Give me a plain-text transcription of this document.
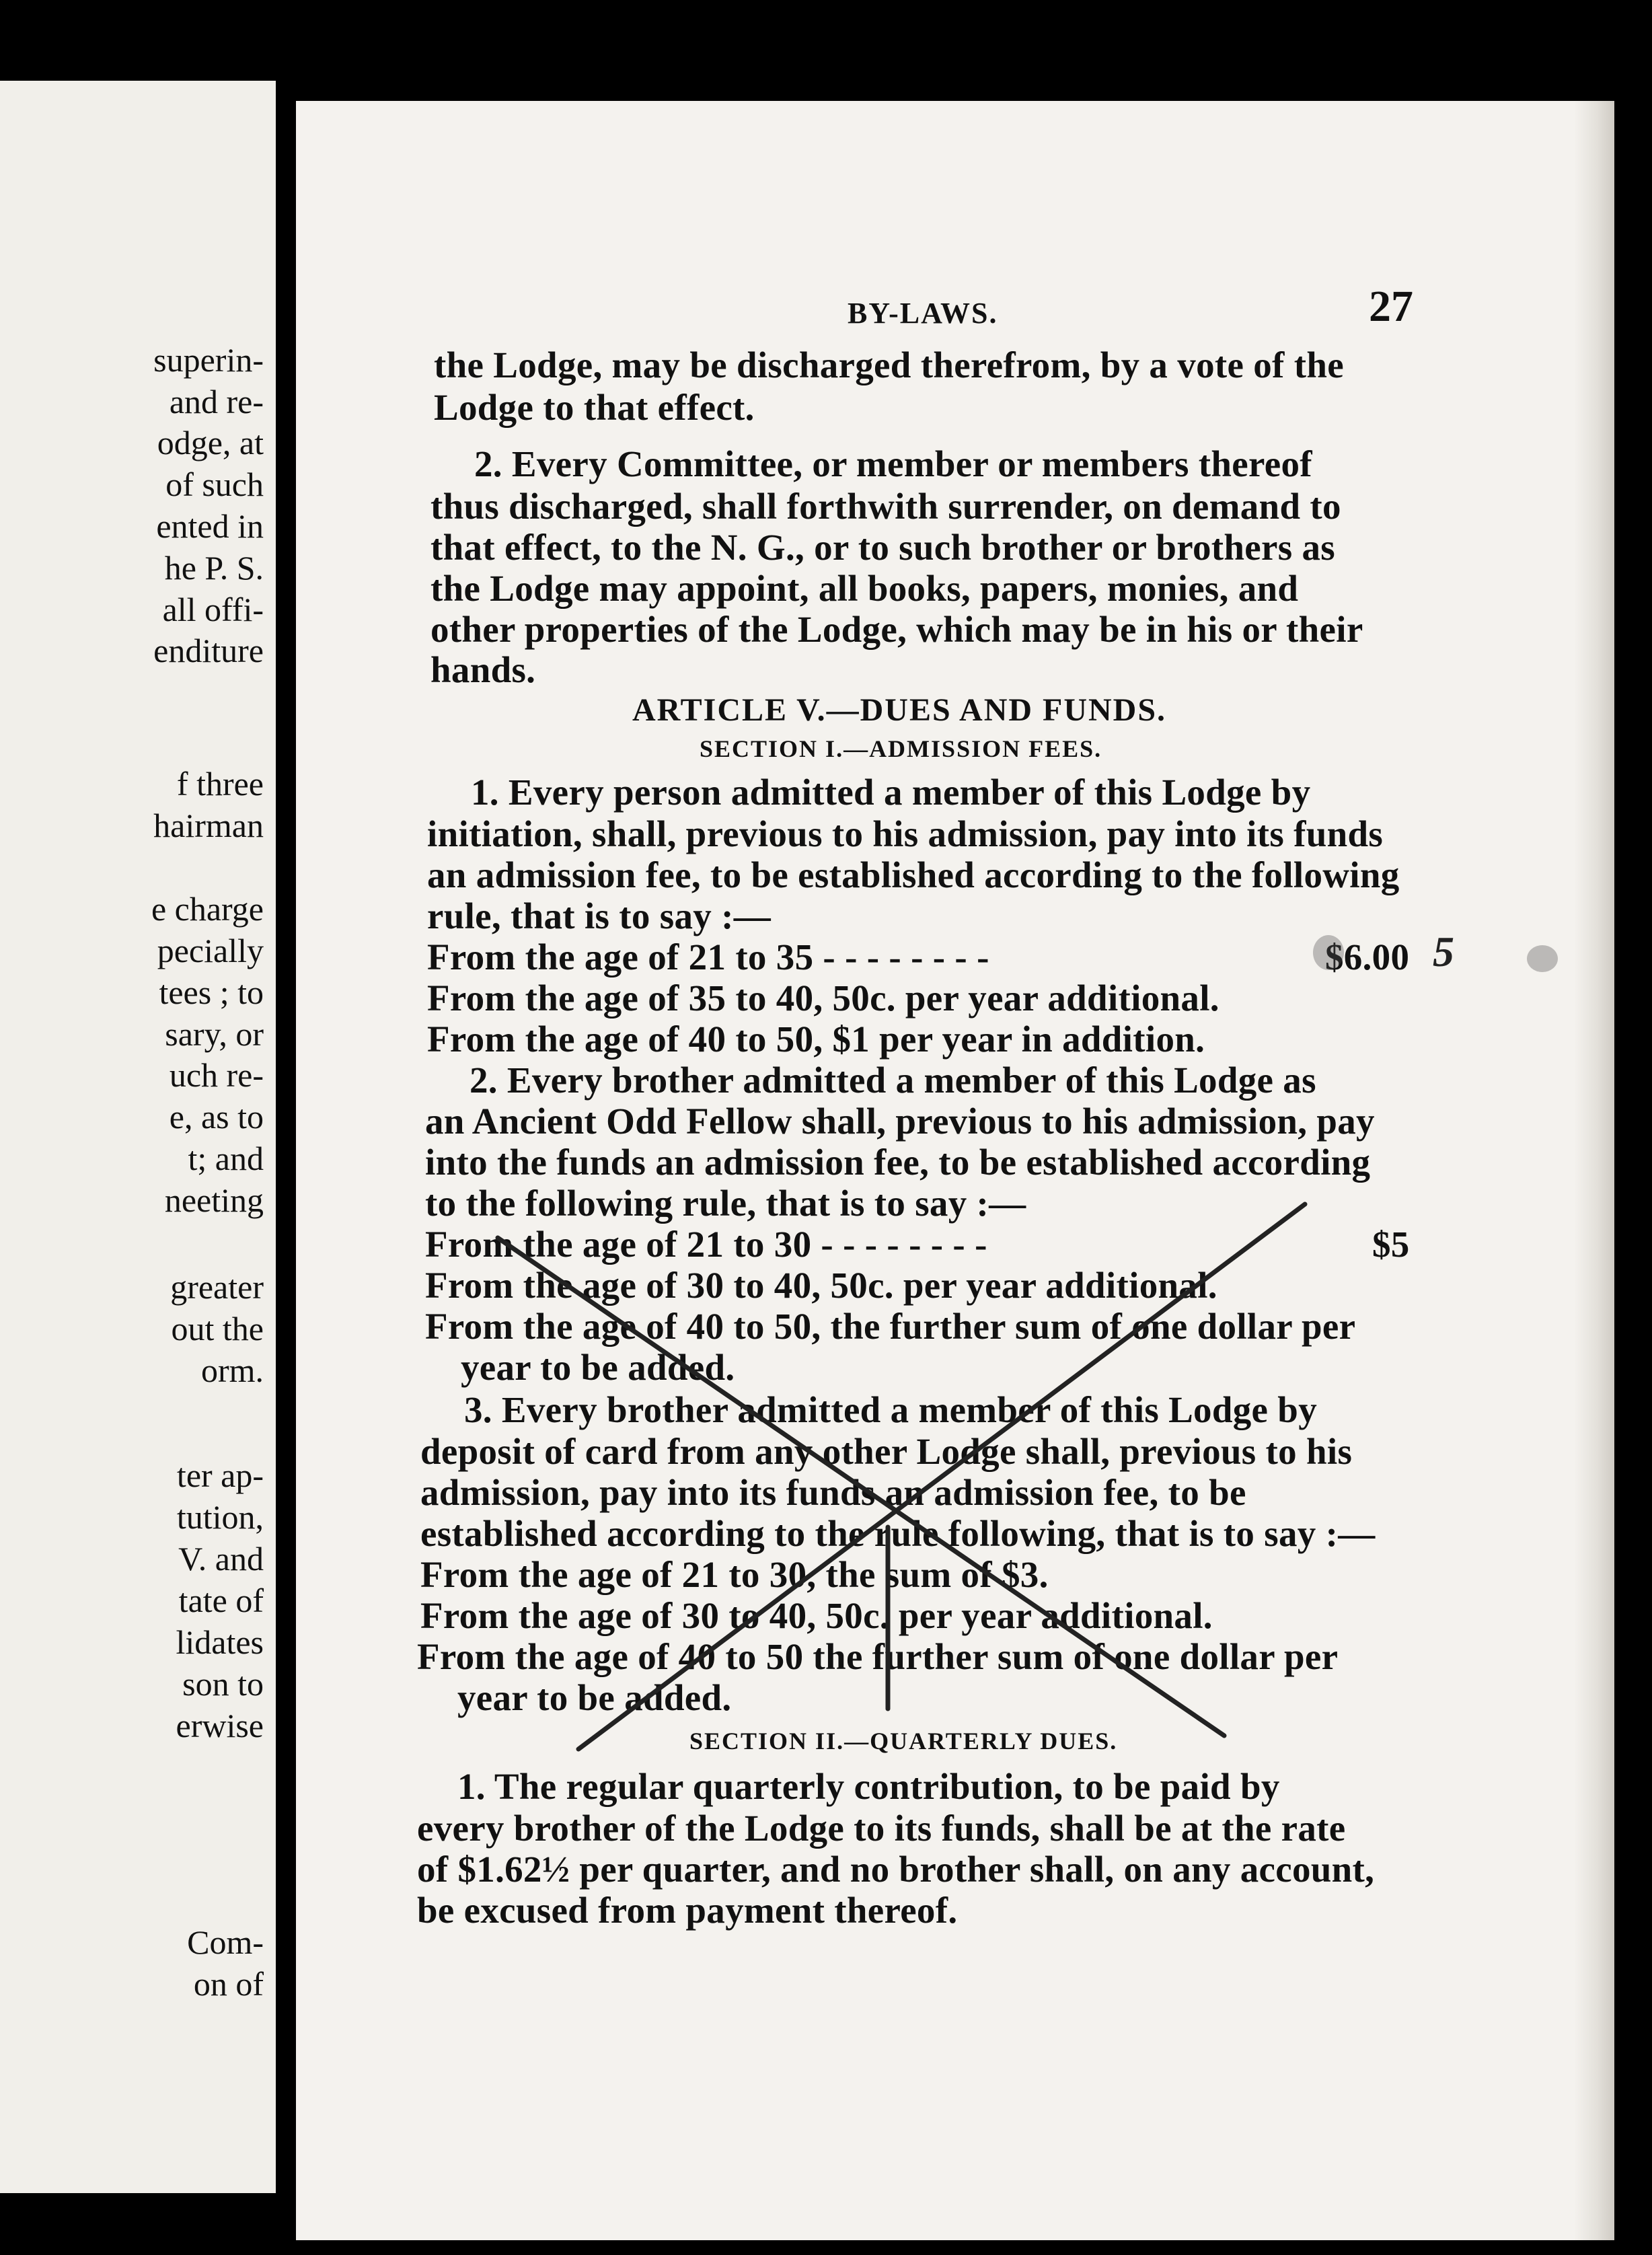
superin-
and re-
odge, at
of such
ented in
he P. S.
all offi-
enditure
f three
hairman
e charge
pecially
tees ; to
sary, or
uch re-
e, as to
t; and
neeting
greater
out the
orm.
ter ap-
tution,
V. and
tate of
lidates
son to
erwise
Com-
on of
BY-LAWS.	27
the Lodge, may be discharged therefrom, by a vote of the
Lodge to that effect.
2. Every Committee, or member or members thereof
thus discharged, shall forthwith surrender, on demand to
that effect, to the N. G., or to such brother or brothers as
the Lodge may appoint, all books, papers, monies, and
other properties of the Lodge, which may be in his or their
hands.
ARTICLE V.—DUES AND FUNDS.
SECTION I.—ADMISSION FEES.
1. Every person admitted a member of this Lodge by
initiation, shall, previous to his admission, pay into its funds
an admission fee, to be established according to the following
rule, that is to say :—
From the age of 21 to 35 - - - - - - - -	$6.00
From the age of 35 to 40, 50c. per year additional.
From the age of 40 to 50, $1 per year in addition.
2. Every brother admitted a member of this Lodge as
an Ancient Odd Fellow shall, previous to his admission, pay
into the funds an admission fee, to be established according
to the following rule, that is to say :—
From the age of 21 to 30 - - - - - - - -	$5
From the age of 30 to 40, 50c. per year additional.
From the age of 40 to 50, the further sum of one dollar per
year to be added.
3. Every brother admitted a member of this Lodge by
deposit of card from any other Lodge shall, previous to his
admission, pay into its funds an admission fee, to be
established according to the rule following, that is to say :—
From the age of 21 to 30, the sum of $3.
From the age of 30 to 40, 50c. per year additional.
From the age of 40 to 50 the further sum of one dollar per
year to be added.
SECTION II.—QUARTERLY DUES.
1. The regular quarterly contribution, to be paid by
every brother of the Lodge to its funds, shall be at the rate
of $1.62½ per quarter, and no brother shall, on any account,
be excused from payment thereof.
5
